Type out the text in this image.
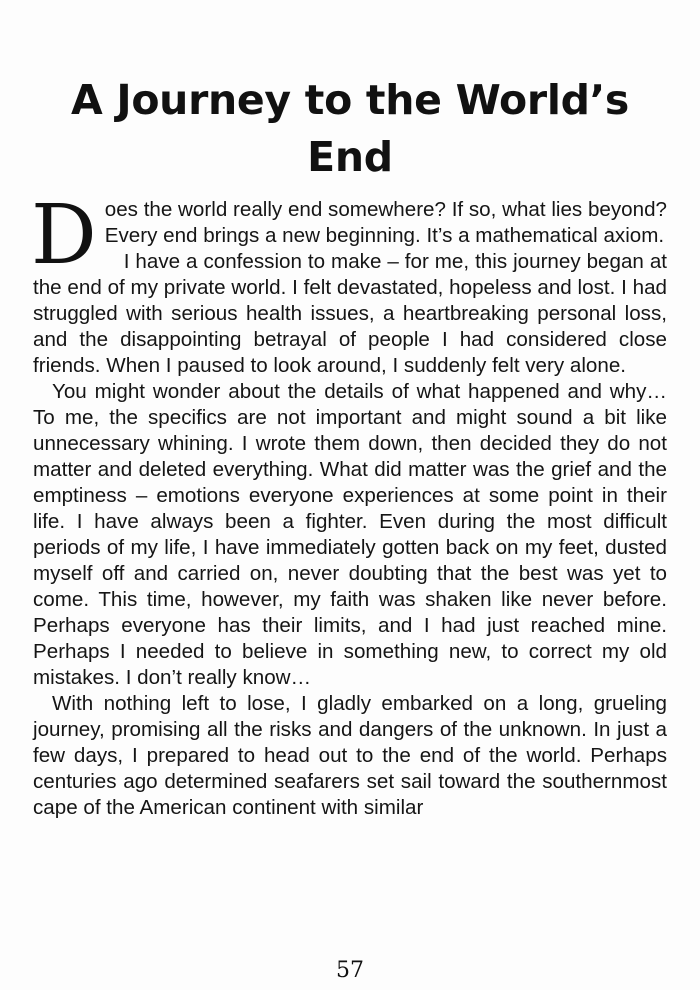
A Journey to the World’s End

Does the world really end somewhere? If so, what lies beyond? Every end brings a new beginning. It’s a mathematical axiom.

I have a confession to make – for me, this journey began at the end of my private world. I felt devastated, hopeless and lost. I had struggled with serious health issues, a heartbreaking personal loss, and the disappointing betrayal of people I had considered close friends. When I paused to look around, I suddenly felt very alone.

You might wonder about the details of what happened and why… To me, the specifics are not important and might sound a bit like unnecessary whining. I wrote them down, then decided they do not matter and deleted everything. What did matter was the grief and the emptiness – emotions everyone experiences at some point in their life. I have always been a fighter. Even during the most difficult periods of my life, I have immediately gotten back on my feet, dusted myself off and carried on, never doubting that the best was yet to come. This time, however, my faith was shaken like never before. Perhaps everyone has their limits, and I had just reached mine. Perhaps I needed to believe in something new, to correct my old mistakes. I don’t really know…

With nothing left to lose, I gladly embarked on a long, grueling journey, promising all the risks and dangers of the unknown. In just a few days, I prepared to head out to the end of the world. Perhaps centuries ago determined seafarers set sail toward the southernmost cape of the American continent with similar

57
